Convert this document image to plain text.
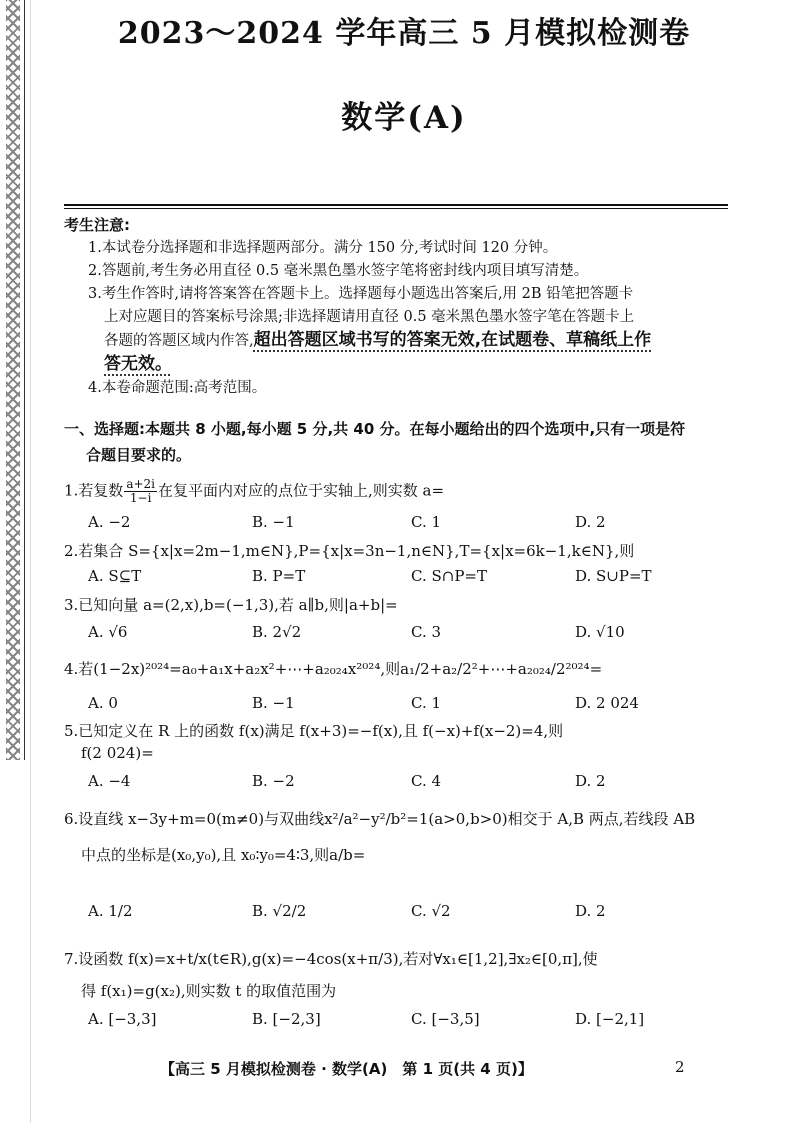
2023～2024 学年高三 5 月模拟检测卷
数学(A)
考生注意:
1.本试卷分选择题和非选择题两部分。满分 150 分,考试时间 120 分钟。
2.答题前,考生务必用直径 0.5 毫米黑色墨水签字笔将密封线内项目填写清楚。
3.考生作答时,请将答案答在答题卡上。选择题每小题选出答案后,用 2B 铅笔把答题卡
上对应题目的答案标号涂黑;非选择题请用直径 0.5 毫米黑色墨水签字笔在答题卡上
各题的答题区域内作答,超出答题区域书写的答案无效,在试题卷、草稿纸上作
答无效。
4.本卷命题范围:高考范围。
一、选择题:本题共 8 小题,每小题 5 分,共 40 分。在每小题给出的四个选项中,只有一项是符
合题目要求的。
1.若复数 $\frac{a+2i}{1-i}$ 在复平面内对应的点位于实轴上,则实数 a=
A. −2	B. −1	C. 1	D. 2
2.若集合 S={x|x=2m−1,m∈N},P={x|x=3n−1,n∈N},T={x|x=6k−1,k∈N},则
A. S⊆T	B. P=T	C. S∩P=T	D. S∪P=T
3.已知向量 a=(2,x),b=(−1,3),若 a∥b,则|a+b|=
A. √6	B. 2√2	C. 3	D. √10
4.若(1−2x)²⁰²⁴=a₀+a₁x+a₂x²+⋯+a₂₀₂₄x²⁰²⁴,则a₁/2+a₂/2²+⋯+a₂₀₂₄/2²⁰²⁴=
A. 0	B. −1	C. 1	D. 2 024
5.已知定义在 R 上的函数 f(x)满足 f(x+3)=−f(x),且 f(−x)+f(x−2)=4,则
f(2 024)=
A. −4	B. −2	C. 4	D. 2
6.设直线 x−3y+m=0(m≠0)与双曲线x²/a²−y²/b²=1(a>0,b>0)相交于 A,B 两点,若线段 AB
中点的坐标是(x₀,y₀),且 x₀∶y₀=4∶3,则a/b=
A. 1/2	B. √2/2	C. √2	D. 2
7.设函数 f(x)=x+t/x(t∈R),g(x)=−4cos(x+π/3),若对∀x₁∈[1,2],∃x₂∈[0,π],使
得 f(x₁)=g(x₂),则实数 t 的取值范围为
A. [−3,3]	B. [−2,3]	C. [−3,5]	D. [−2,1]
【高三 5 月模拟检测卷 · 数学(A)　第 1 页(共 4 页)】	2
